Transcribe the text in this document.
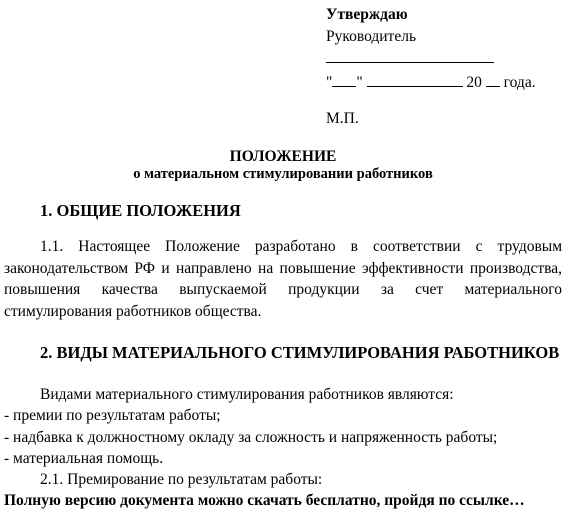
Утверждаю
Руководитель
" "	20 года.
М.П.
ПОЛОЖЕНИЕ
о материальном стимулировании работников
1. ОБЩИЕ ПОЛОЖЕНИЯ
1.1. Настоящее Положение разработано в соответствии с трудовым законодательством РФ и направлено на повышение эффективности производства, повышения качества выпускаемой продукции за счет материального стимулирования работников общества.
2. ВИДЫ МАТЕРИАЛЬНОГО СТИМУЛИРОВАНИЯ РАБОТНИКОВ
Видами материального стимулирования работников являются:
- премии по результатам работы;
- надбавка к должностному окладу за сложность и напряженность работы;
- материальная помощь.
2.1. Премирование по результатам работы:
Полную версию документа можно скачать бесплатно, пройдя по ссылке…
